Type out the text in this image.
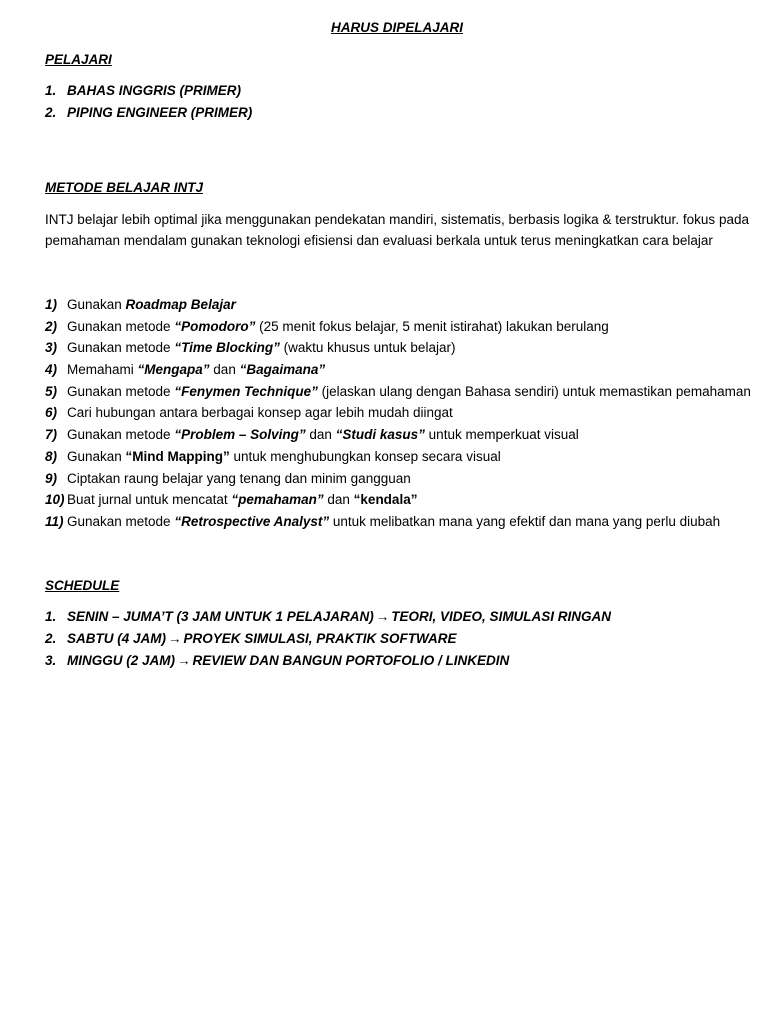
HARUS DIPELAJARI
PELAJARI
1. BAHAS INGGRIS (PRIMER)
2. PIPING ENGINEER (PRIMER)
METODE BELAJAR INTJ

INTJ belajar lebih optimal jika menggunakan pendekatan mandiri, sistematis, berbasis logika & terstruktur. fokus pada pemahaman mendalam gunakan teknologi efisiensi dan evaluasi berkala untuk terus meningkatkan cara belajar

1) Gunakan Roadmap Belajar
2) Gunakan metode “Pomodoro” (25 menit fokus belajar, 5 menit istirahat) lakukan berulang
3) Gunakan metode “Time Blocking” (waktu khusus untuk belajar)
4) Memahami “Mengapa” dan “Bagaimana”
5) Gunakan metode “Fenymen Technique” (jelaskan ulang dengan Bahasa sendiri) untuk memastikan pemahaman
6) Cari hubungan antara berbagai konsep agar lebih mudah diingat
7) Gunakan metode “Problem – Solving” dan “Studi kasus” untuk memperkuat visual
8) Gunakan “Mind Mapping” untuk menghubungkan konsep secara visual
9) Ciptakan raung belajar yang tenang dan minim gangguan
10) Buat jurnal untuk mencatat “pemahaman” dan “kendala”
11) Gunakan metode “Retrospective Analyst” untuk melibatkan mana yang efektif dan mana yang perlu diubah
SCHEDULE
1. SENIN – JUMA’T (3 JAM UNTUK 1 PELAJARAN) → TEORI, VIDEO, SIMULASI RINGAN
2. SABTU (4 JAM) → PROYEK SIMULASI, PRAKTIK SOFTWARE
3. MINGGU (2 JAM) → REVIEW DAN BANGUN PORTOFOLIO / LINKEDIN
